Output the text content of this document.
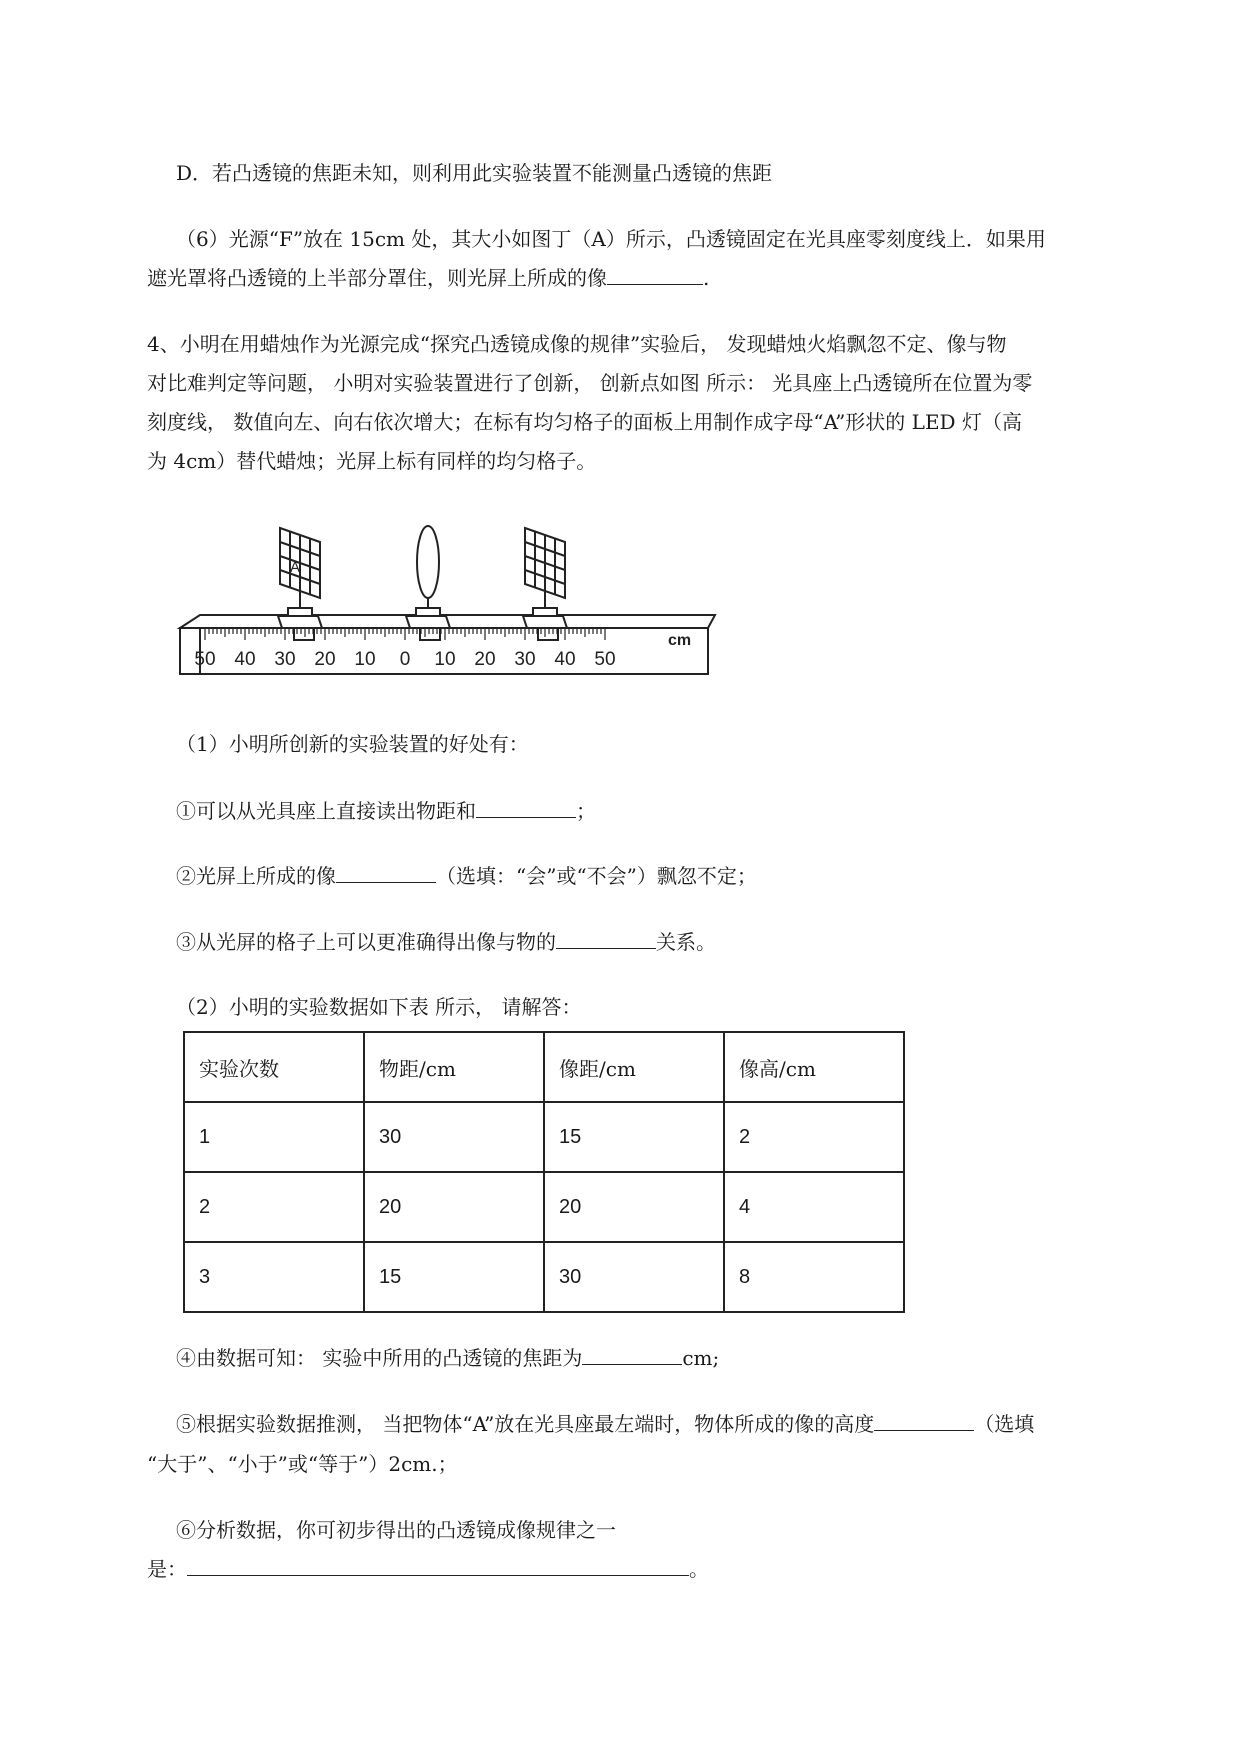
D．若凸透镜的焦距未知，则利用此实验装置不能测量凸透镜的焦距
（6）光源“F”放在 15cm 处，其大小如图丁（A）所示，凸透镜固定在光具座零刻度线上．如果用
遮光罩将凸透镜的上半部分罩住，则光屏上所成的像	.
4、小明在用蜡烛作为光源完成“探究凸透镜成像的规律”实验后， 发现蜡烛火焰飘忽不定、像与物
对比难判定等问题， 小明对实验装置进行了创新， 创新点如图 所示： 光具座上凸透镜所在位置为零
刻度线， 数值向左、向右依次增大；在标有均匀格子的面板上用制作成字母“A”形状的 LED 灯（高
为 4cm）替代蜡烛；光屏上标有同样的均匀格子。
A
50 40 30 20 10 0 10 20 30 40 50
cm
（1）小明所创新的实验装置的好处有：
①可以从光具座上直接读出物距和	；
②光屏上所成的像	（选填：“会”或“不会”）飘忽不定；
③从光屏的格子上可以更准确得出像与物的	关系。
（2）小明的实验数据如下表 所示， 请解答：
实验次数	物距/cm	像距/cm	像高/cm
1	30	15	2
2	20	20	4
3	15	30	8
④由数据可知： 实验中所用的凸透镜的焦距为	cm;
⑤根据实验数据推测， 当把物体“A”放在光具座最左端时，物体所成的像的高度	（选填
“大于”、“小于”或“等于”）2cm.；
⑥分析数据，你可初步得出的凸透镜成像规律之一
是：	。
